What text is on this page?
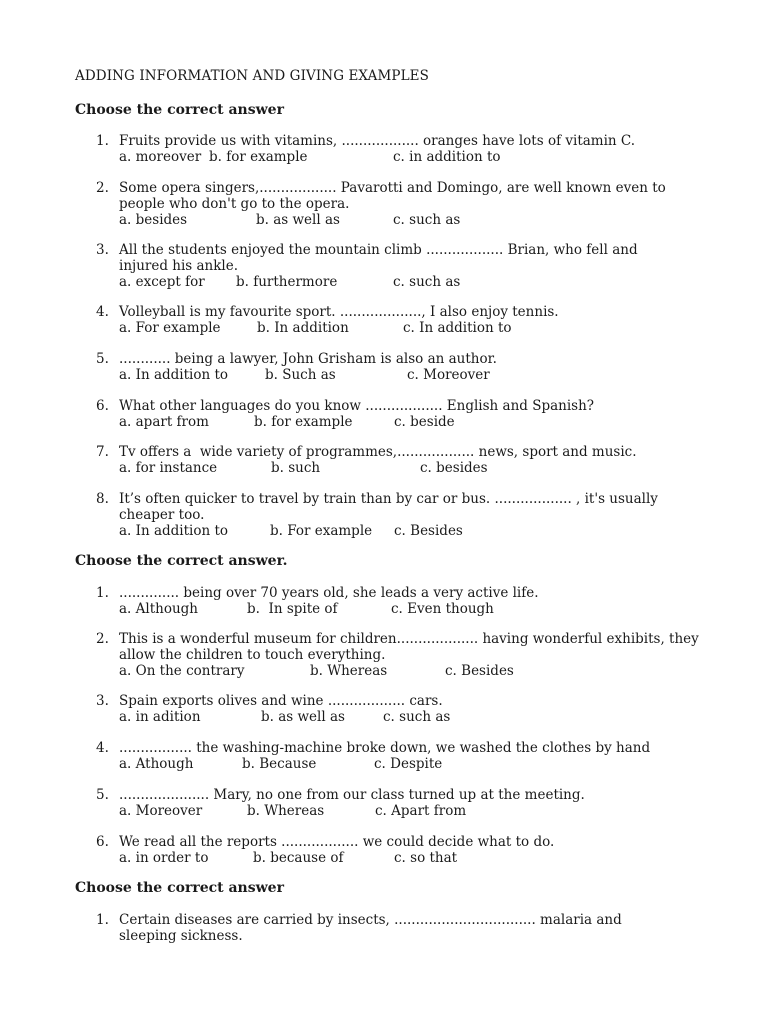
ADDING INFORMATION AND GIVING EXAMPLES
Choose the correct answer
1. Fruits provide us with vitamins, .................. oranges have lots of vitamin C.
a. moreover b. for example	c. in addition to
2. Some opera singers,.................. Pavarotti and Domingo, are well known even to people who don't go to the opera.
a. besides	b. as well as	c. such as
3. All the students enjoyed the mountain climb .................. Brian, who fell and injured his ankle.
a. except for b. furthermore	c. such as
4. Volleyball is my favourite sport. ..................., I also enjoy tennis.
a. For example	b. In addition	c. In addition to
5. ............ being a lawyer, John Grisham is also an author.
a. In addition to	b. Such as	c. Moreover
6. What other languages do you know .................. English and Spanish?
a. apart from	b. for example	c. beside
7. Tv offers a  wide variety of programmes,.................. news, sport and music.
a. for instance	b. such	c. besides
8. It’s often quicker to travel by train than by car or bus. .................. , it's usually cheaper too.
a. In addition to	b. For example c. Besides
Choose the correct answer.
1. .............. being over 70 years old, she leads a very active life.
a. Although	b.  In spite of	c. Even though
2. This is a wonderful museum for children................... having wonderful exhibits, they allow the children to touch everything.
a. On the contrary	b. Whereas	c. Besides
3. Spain exports olives and wine .................. cars.
a. in adition	b. as well as	c. such as
4. ................. the washing-machine broke down, we washed the clothes by hand
a. Athough	b. Because	c. Despite
5. ..................... Mary, no one from our class turned up at the meeting.
a. Moreover	b. Whereas	c. Apart from
6. We read all the reports .................. we could decide what to do.
a. in order to	b. because of	c. so that
Choose the correct answer
1. Certain diseases are carried by insects, ................................. malaria and sleeping sickness.
